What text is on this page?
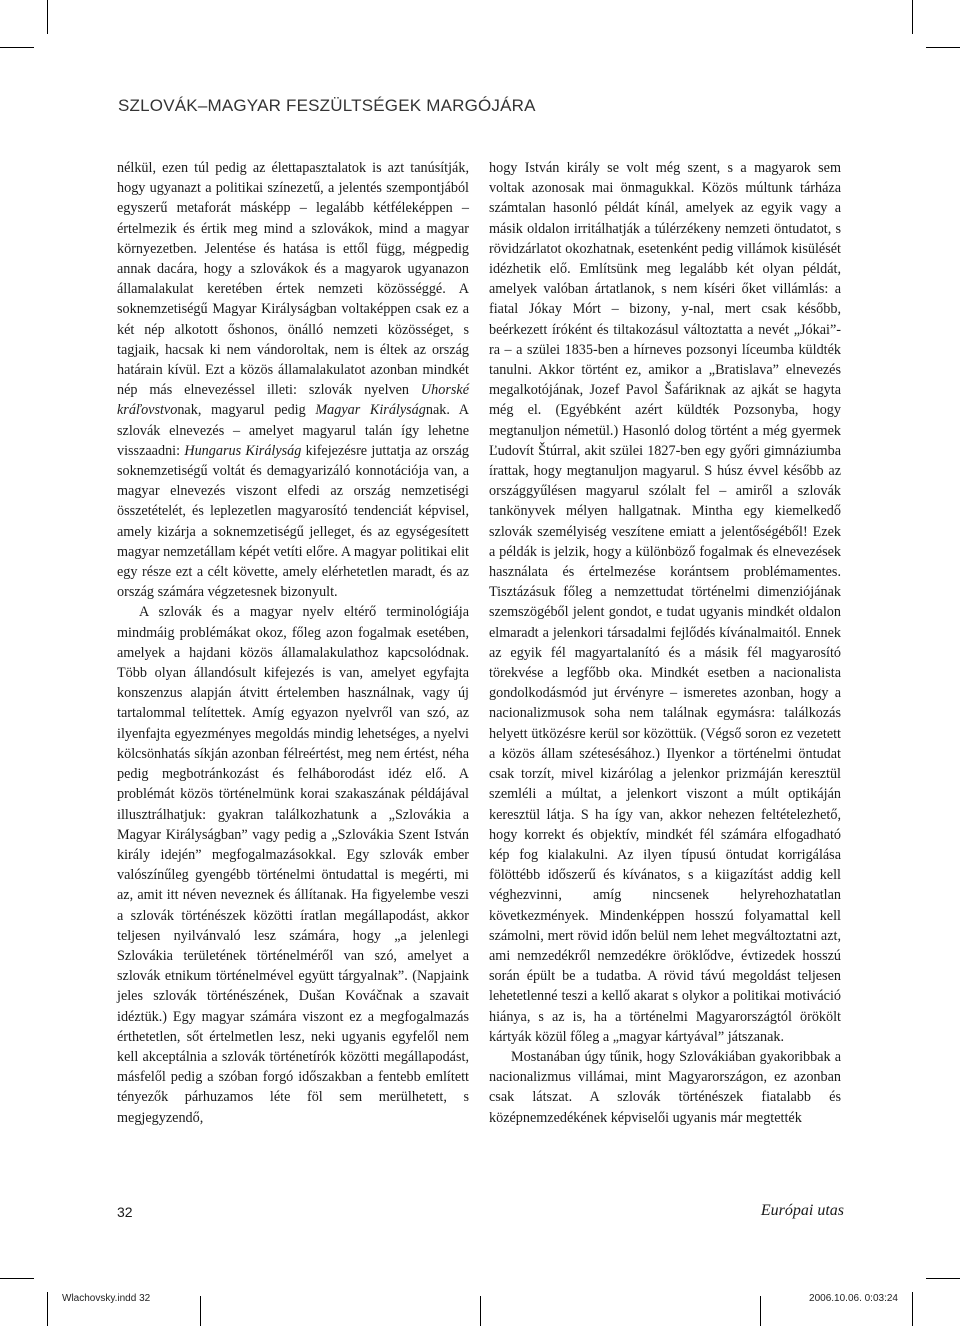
SZLOVÁK–MAGYAR FESZÜLTSÉGEK MARGÓJÁRA

nélkül, ezen túl pedig az élettapasztalatok is azt tanúsítják, hogy ugyanazt a politikai színezetű, a jelentés szempontjából egyszerű metaforát másképp – legalább kétféleképpen – értelmezik és értik meg mind a szlovákok, mind a magyar környezetben. Jelentése és hatása is ettől függ, mégpedig annak dacára, hogy a szlovákok és a magyarok ugyanazon államalakulat keretében értek nemzeti közösséggé. A soknemzetiségű Magyar Királyságban voltaképpen csak ez a két nép alkotott őshonos, önálló nemzeti közösséget, s tagjaik, hacsak ki nem vándoroltak, nem is éltek az ország határain kívül. Ezt a közös államalakulatot azonban mindkét nép más elnevezéssel illeti: szlovák nyelven Uhorské kráľovstvonak, magyarul pedig Magyar Királyságnak. A szlovák elnevezés – amelyet magyarul talán így lehetne visszaadni: Hungarus Királyság kifejezésre juttatja az ország soknemzetiségű voltát és demagyarizáló konnotációja van, a magyar elnevezés viszont elfedi az ország nemzetiségi összetételét, és leplezetlen magyarosító tendenciát képvisel, amely kizárja a soknemzetiségű jelleget, és az egységesített magyar nemzetállam képét vetíti előre. A magyar politikai elit egy része ezt a célt követte, amely elérhetetlen maradt, és az ország számára végzetesnek bizonyult.

A szlovák és a magyar nyelv eltérő terminológiája mindmáig problémákat okoz, főleg azon fogalmak esetében, amelyek a hajdani közös államalakulathoz kapcsolódnak. Több olyan állandósult kifejezés is van, amelyet egyfajta konszenzus alapján átvitt értelemben használnak, vagy új tartalommal telítettek. Amíg egyazon nyelvről van szó, az ilyenfajta egyezményes megoldás mindig lehetséges, a nyelvi kölcsönhatás síkján azonban félreértést, meg nem értést, néha pedig megbotránkozást és felháborodást idéz elő. A problémát közös történelmünk korai szakaszának példájával illusztrálhatjuk: gyakran találkozhatunk a „Szlovákia a Magyar Királyságban” vagy pedig a „Szlovákia Szent István király idején” megfogalmazásokkal. Egy szlovák ember valószínűleg gyengébb történelmi öntudattal is megérti, mi az, amit itt néven neveznek és állítanak. Ha figyelembe veszi a szlovák történészek közötti íratlan megállapodást, akkor teljesen nyilvánvaló lesz számára, hogy „a jelenlegi Szlovákia területének történelméről van szó, amelyet a szlovák etnikum történelmével együtt tárgyalnak”. (Napjaink jeles szlovák történészének, Dušan Kováčnak a szavait idéztük.) Egy magyar számára viszont ez a megfogalmazás érthetetlen, sőt értelmetlen lesz, neki ugyanis egyfelől nem kell akceptálnia a szlovák történetírók közötti megállapodást, másfelől pedig a szóban forgó időszakban a fentebb említett tényezők párhuzamos léte föl sem merülhetett, s megjegyzendő,

hogy István király se volt még szent, s a magyarok sem voltak azonosak mai önmagukkal. Közös múltunk tárháza számtalan hasonló példát kínál, amelyek az egyik vagy a másik oldalon irritálhatják a túlérzékeny nemzeti öntudatot, s rövidzárlatot okozhatnak, esetenként pedig villámok kisülését idézhetik elő. Említsünk meg legalább két olyan példát, amelyek valóban ártatlanok, s nem kíséri őket villámlás: a fiatal Jókay Mórt – bizony, y-nal, mert csak később, beérkezett íróként és tiltakozásul változtatta a nevét „Jókai”-ra – a szülei 1835-ben a hírneves pozsonyi líceumba küldték tanulni. Akkor történt ez, amikor a „Bratislava” elnevezés megalkotójának, Jozef Pavol Šafáriknak az ajkát se hagyta még el. (Egyébként azért küldték Pozsonyba, hogy megtanuljon németül.) Hasonló dolog történt a még gyermek Ľudovít Štúrral, akit szülei 1827-ben egy győri gimnáziumba írattak, hogy megtanuljon magyarul. S húsz évvel később az országgyűlésen magyarul szólalt fel – amiről a szlovák tankönyvek mélyen hallgatnak. Mintha egy kiemelkedő szlovák személyiség veszítene emiatt a jelentőségéből! Ezek a példák is jelzik, hogy a különböző fogalmak és elnevezések használata és értelmezése korántsem problémamentes. Tisztázásuk főleg a nemzettudat történelmi dimenziójának szemszögéből jelent gondot, e tudat ugyanis mindkét oldalon elmaradt a jelenkori társadalmi fejlődés kívánalmaitól. Ennek az egyik fél magyartalanító és a másik fél magyarosító törekvése a legfőbb oka. Mindkét esetben a nacionalista gondolkodásmód jut érvényre – ismeretes azonban, hogy a nacionalizmusok soha nem találnak egymásra: találkozás helyett ütközésre kerül sor közöttük. (Végső soron ez vezetett a közös állam szétesésához.) Ilyenkor a történelmi öntudat csak torzít, mivel kizárólag a jelenkor prizmáján keresztül szemléli a múltat, a jelenkort viszont a múlt optikáján keresztül látja. S ha így van, akkor nehezen feltételezhető, hogy korrekt és objektív, mindkét fél számára elfogadható kép fog kialakulni. Az ilyen típusú öntudat korrigálása fölöttébb időszerű és kívánatos, s a kiigazítást addig kell véghezvinni, amíg nincsenek helyrehozhatatlan következmények. Mindenképpen hosszú folyamattal kell számolni, mert rövid időn belül nem lehet megváltoztatni azt, ami nemzedékről nemzedékre öröklődve, évtizedek hosszú során épült be a tudatba. A rövid távú megoldást teljesen lehetetlenné teszi a kellő akarat s olykor a politikai motiváció hiánya, s az is, ha a történelmi Magyarországtól örökölt kártyák közül főleg a „magyar kártyával” játszanak.

Mostanában úgy tűnik, hogy Szlovákiában gyakoribbak a nacionalizmus villámai, mint Magyarországon, ez azonban csak látszat. A szlovák történészek fiatalabb és középnemzedékének képviselői ugyanis már megtették

32	Európai utas
Wlachovsky.indd 32	2006.10.06. 0:03:24
